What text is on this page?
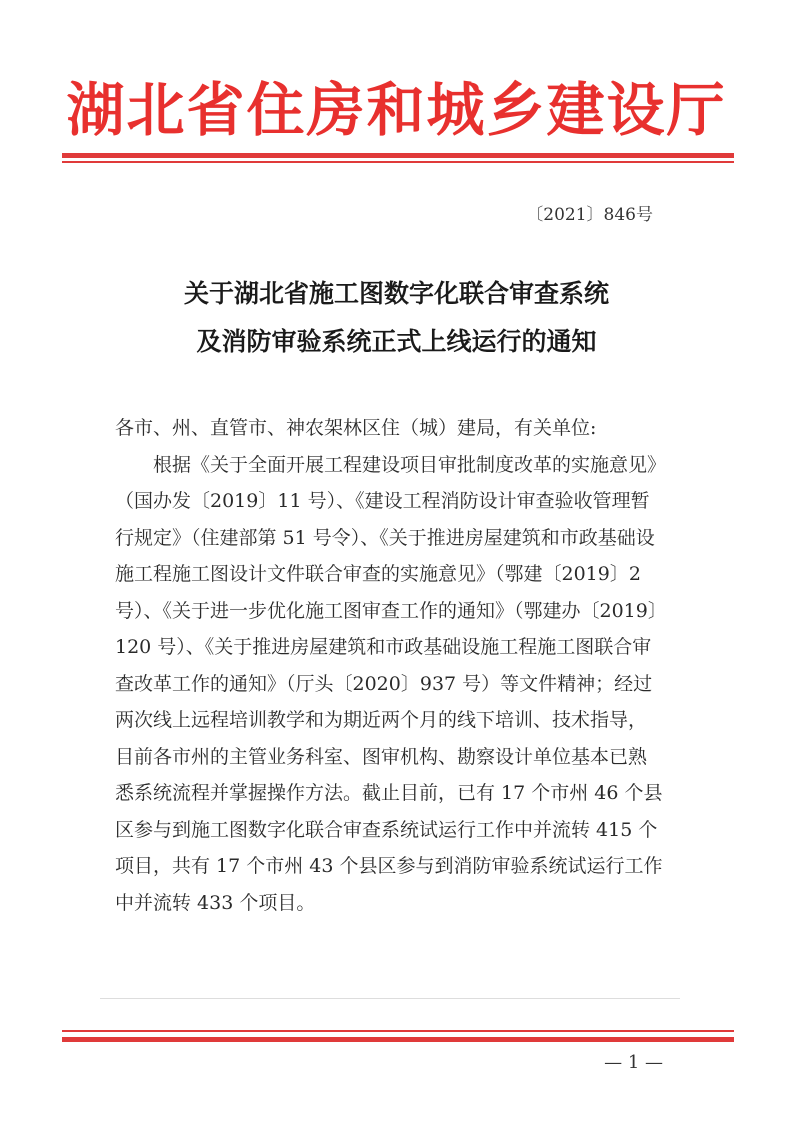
湖北省住房和城乡建设厅
〔2021〕846号
关于湖北省施工图数字化联合审查系统
及消防审验系统正式上线运行的通知

各市、州、直管市、神农架林区住（城）建局，有关单位:

根据《关于全面开展工程建设项目审批制度改革的实施意见》（国办发〔2019〕11 号）、《建设工程消防设计审查验收管理暂行规定》（住建部第 51 号令）、《关于推进房屋建筑和市政基础设施工程施工图设计文件联合审查的实施意见》（鄂建〔2019〕2 号）、《关于进一步优化施工图审查工作的通知》（鄂建办〔2019〕120 号）、《关于推进房屋建筑和市政基础设施工程施工图联合审查改革工作的通知》（厅头〔2020〕937 号）等文件精神；经过两次线上远程培训教学和为期近两个月的线下培训、技术指导，目前各市州的主管业务科室、图审机构、勘察设计单位基本已熟悉系统流程并掌握操作方法。截止目前，已有 17 个市州 46 个县区参与到施工图数字化联合审查系统试运行工作中并流转 415 个项目，共有 17 个市州 43 个县区参与到消防审验系统试运行工作中并流转 433 个项目。

— 1 —
